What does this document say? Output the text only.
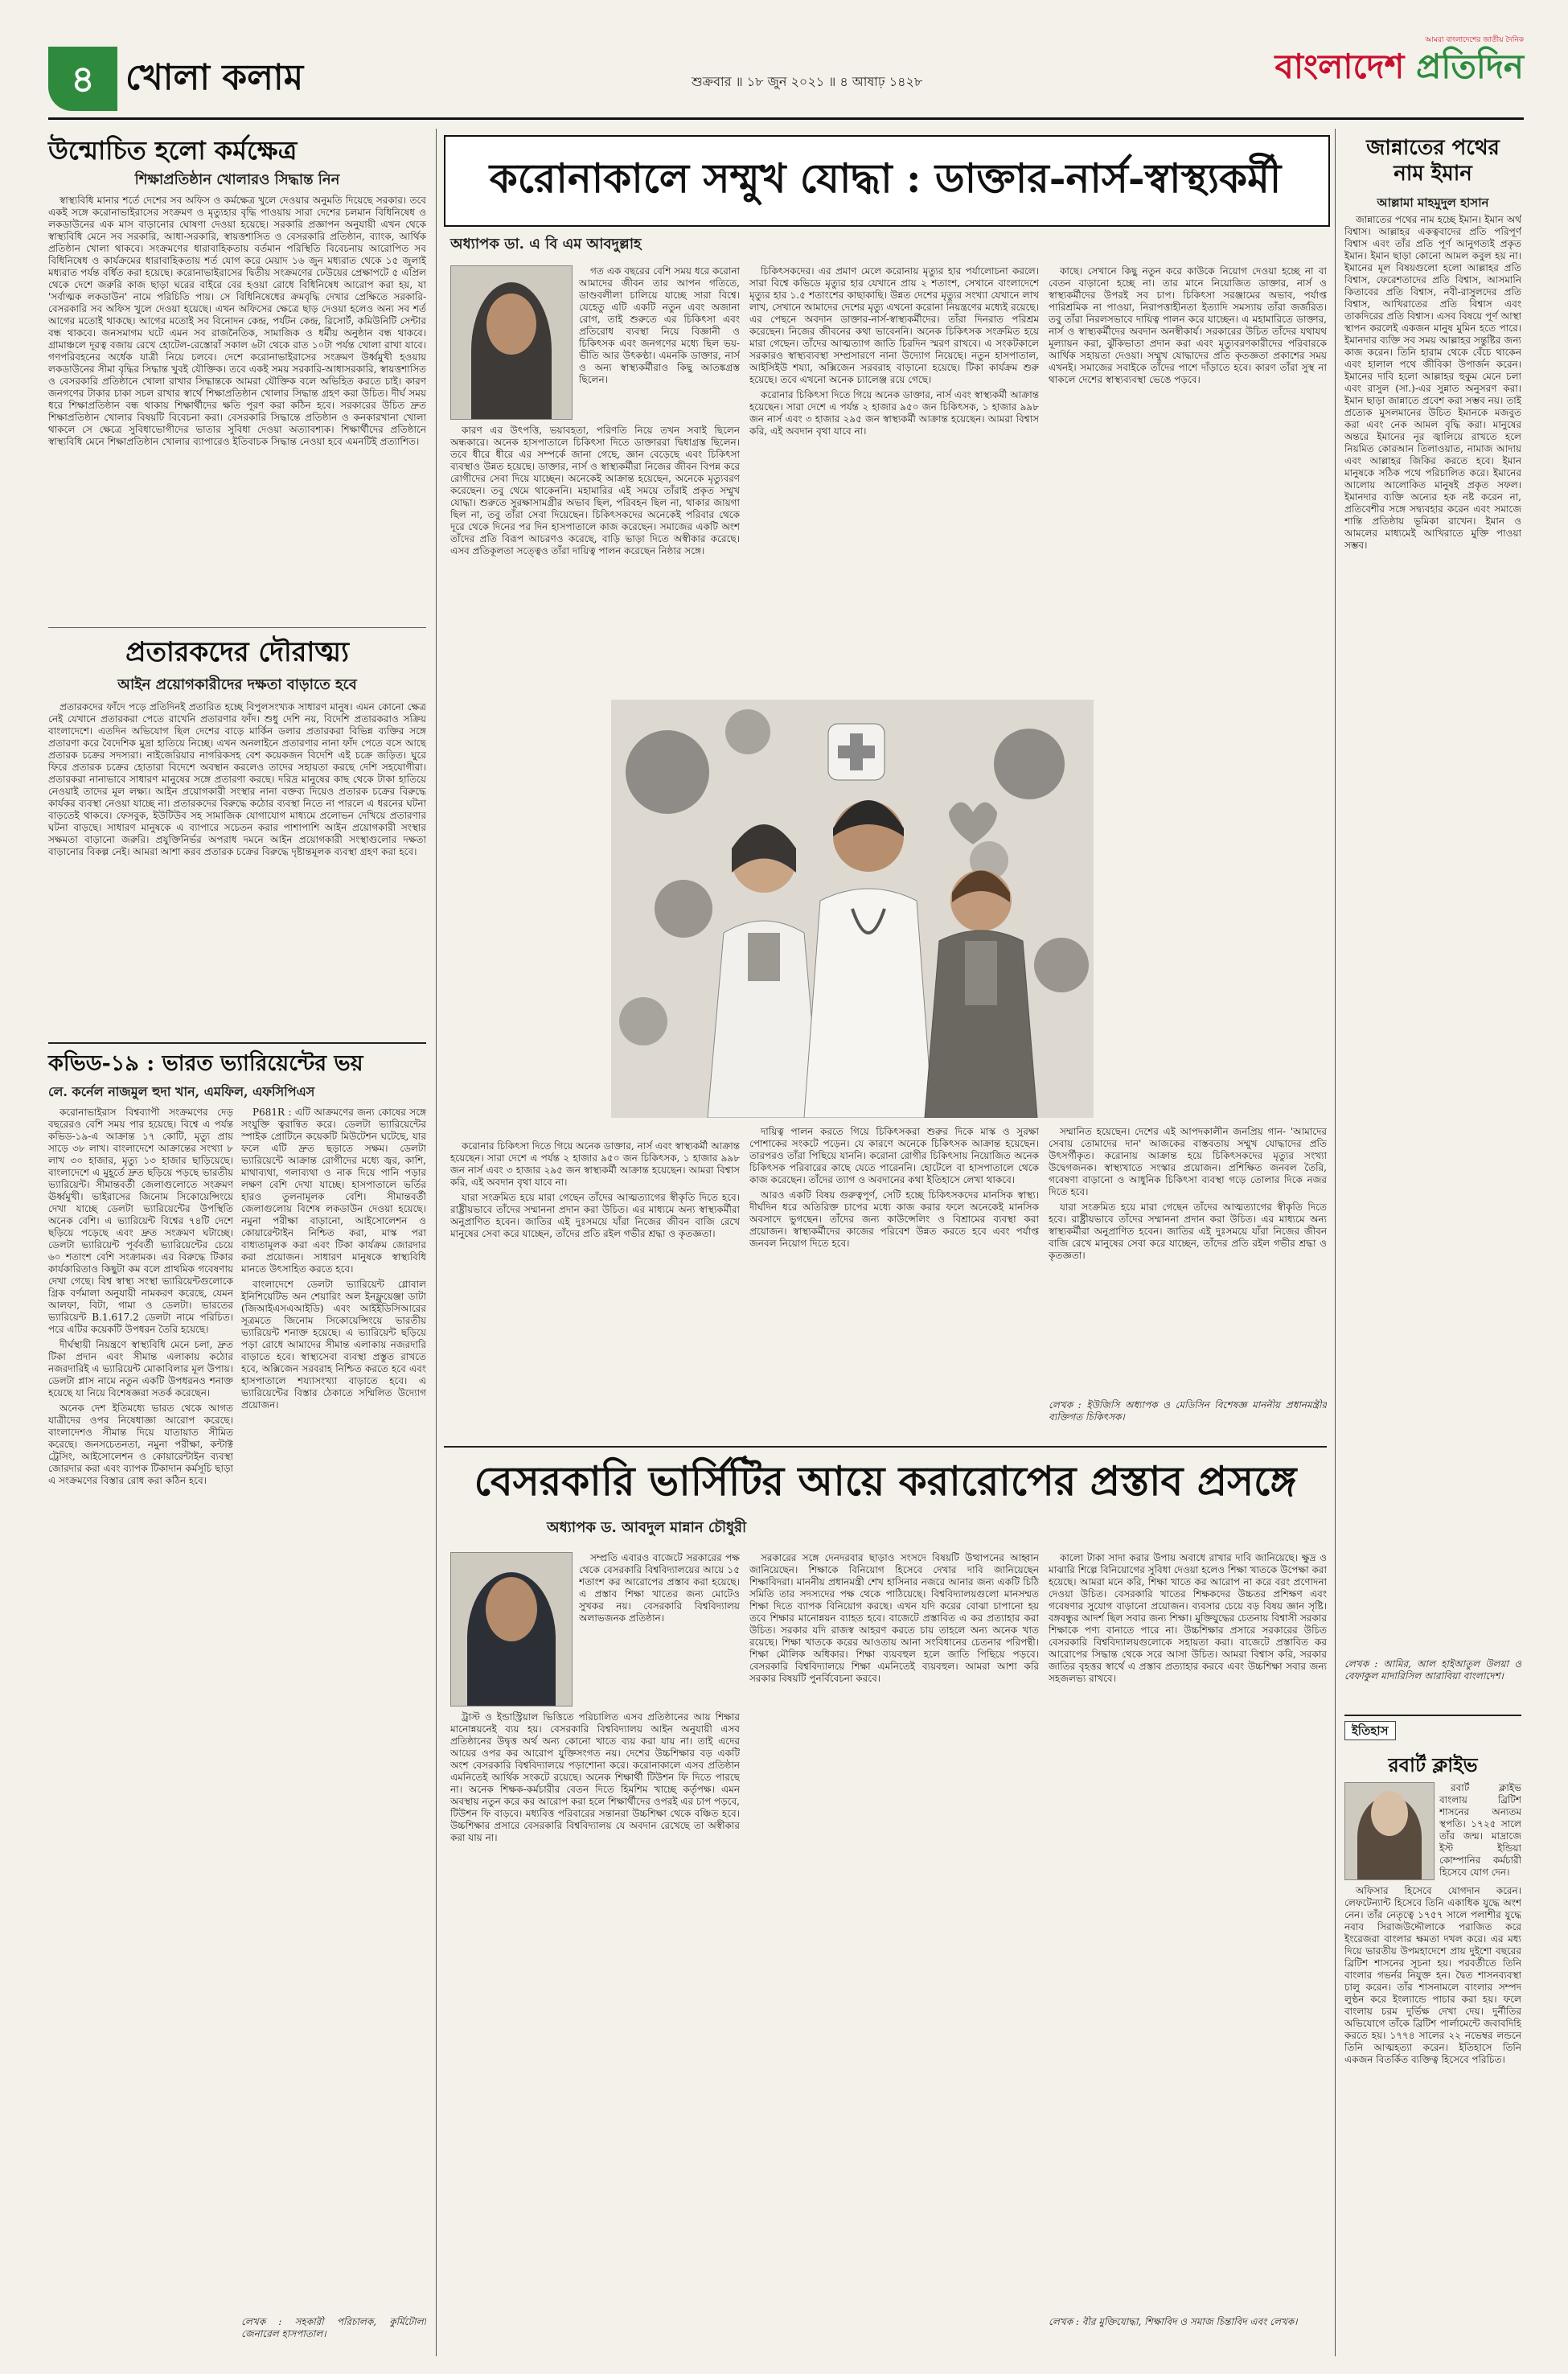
৪ খোলা কলাম	শুক্রবার ॥ ১৮ জুন ২০২১ ॥ ৪ আষাঢ় ১৪২৮
আমরা বাংলাদেশের জাতীয় দৈনিক
বাংলাদেশ প্রতিদিন
উন্মোচিত হলো কর্মক্ষেত্র
শিক্ষাপ্রতিষ্ঠান খোলারও সিদ্ধান্ত নিন

স্বাস্থ্যবিধি মানার শর্তে দেশের সব অফিস ও কর্মক্ষেত্র খুলে দেওয়ার অনুমতি দিয়েছে সরকার। তবে একই সঙ্গে করোনাভাইরাসের সংক্রমণ ও মৃত্যুহার বৃদ্ধি পাওয়ায় সারা দেশের চলমান বিধিনিষেধ ও লকডাউনের এক মাস বাড়ানোর ঘোষণা দেওয়া হয়েছে। সরকারি প্রজ্ঞাপন অনুযায়ী এখন থেকে স্বাস্থ্যবিধি মেনে সব সরকারি, আধা-সরকারি, স্বায়ত্তশাসিত ও বেসরকারি প্রতিষ্ঠান, ব্যাংক, আর্থিক প্রতিষ্ঠান খোলা থাকবে। সংক্রমণের ধারাবাহিকতায় বর্তমান পরিস্থিতি বিবেচনায় আরোপিত সব বিধিনিষেধ ও কার্যক্রমের ধারাবাহিকতায় শর্ত যোগ করে মেয়াদ ১৬ জুন মধ্যরাত থেকে ১৫ জুলাই মধ্যরাত পর্যন্ত বর্ধিত করা হয়েছে। করোনাভাইরাসের দ্বিতীয় সংক্রমণের ঢেউয়ের প্রেক্ষাপটে ৫ এপ্রিল থেকে দেশে জরুরি কাজ ছাড়া ঘরের বাইরে বের হওয়া রোধে বিধিনিষেধ আরোপ করা হয়, যা 'সর্বাত্মক লকডাউন' নামে পরিচিতি পায়। সে বিধিনিষেধের ক্রমবৃদ্ধি দেখার প্রেক্ষিতে সরকারি-বেসরকারি সব অফিস খুলে দেওয়া হয়েছে। এখন অফিসের ক্ষেত্রে ছাড় দেওয়া হলেও অন্য সব শর্ত আগের মতোই থাকছে। আগের মতোই সব বিনোদন কেন্দ্র, পর্যটন কেন্দ্র, রিসোর্ট, কমিউনিটি সেন্টার বন্ধ থাকবে। জনসমাগম ঘটে এমন সব রাজনৈতিক, সামাজিক ও ধর্মীয় অনুষ্ঠান বন্ধ থাকবে। গ্রামাঞ্চলে দূরত্ব বজায় রেখে হোটেল-রেস্তোরাঁ সকাল ৬টা থেকে রাত ১০টা পর্যন্ত খোলা রাখা যাবে। গণপরিবহনের অর্ধেক যাত্রী নিয়ে চলবে। দেশে করোনাভাইরাসের সংক্রমণ উর্ধ্বমুখী হওয়ায় লকডাউনের সীমা বৃদ্ধির সিদ্ধান্ত খুবই যৌক্তিক। তবে একই সময় সরকারি-আধাসরকারি, স্বায়ত্তশাসিত ও বেসরকারি প্রতিষ্ঠানে খোলা রাখার সিদ্ধান্তকে আমরা যৌক্তিক বলে অভিহিত করতে চাই। কারণ জনগণের টাকার চাকা সচল রাখার স্বার্থে শিক্ষাপ্রতিষ্ঠান খোলার সিদ্ধান্ত গ্রহণ করা উচিত। দীর্ঘ সময় ধরে শিক্ষাপ্রতিষ্ঠান বন্ধ থাকায় শিক্ষার্থীদের ক্ষতি পূরণ করা কঠিন হবে। সরকারের উচিত দ্রুত শিক্ষাপ্রতিষ্ঠান খোলার বিষয়টি বিবেচনা করা। বেসরকারি সিদ্ধান্তে প্রতিষ্ঠান ও কনকারখানা খোলা থাকলে সে ক্ষেত্রে সুবিধাভোগীদের ভাতার সুবিধা দেওয়া অত্যাবশ্যক। শিক্ষার্থীদের প্রতিষ্ঠানে স্বাস্থ্যবিধি মেনে শিক্ষাপ্রতিষ্ঠান খোলার ব্যাপারেও ইতিবাচক সিদ্ধান্ত নেওয়া হবে এমনটিই প্রত্যাশিত।

প্রতারকদের দৌরাত্ম্য
আইন প্রয়োগকারীদের দক্ষতা বাড়াতে হবে

প্রতারকদের ফাঁদে পড়ে প্রতিদিনই প্রতারিত হচ্ছে বিপুলসংখ্যক সাধারণ মানুষ। এমন কোনো ক্ষেত্র নেই যেখানে প্রতারকরা পেতে রাখেনি প্রতারণার ফাঁদ। শুধু দেশি নয়, বিদেশি প্রতারকরাও সক্রিয় বাংলাদেশে। এতদিন অভিযোগ ছিল দেশের বাড়ে মার্কিন ডলার প্রতারকরা বিভিন্ন ব্যক্তির সঙ্গে প্রতারণা করে বৈদেশিক মুদ্রা হাতিয়ে নিচ্ছে। এখন অনলাইনে প্রতারণার নানা ফাঁদ পেতে বসে আছে প্রতারক চক্রের সদস্যরা। নাইজেরিয়ার নাগরিকসহ বেশ কয়েকজন বিদেশি এই চক্রে জড়িত। ঘুরে ফিরে প্রতারক চক্রের হোতারা বিদেশে অবস্থান করলেও তাদের সহায়তা করছে দেশি সহযোগীরা। প্রতারকরা নানাভাবে সাধারণ মানুষের সঙ্গে প্রতারণা করছে। দরিদ্র মানুষের কাছ থেকে টাকা হাতিয়ে নেওয়াই তাদের মূল লক্ষ্য। আইন প্রয়োগকারী সংস্থার নানা বক্তব্য দিয়েও প্রতারক চক্রের বিরুদ্ধে কার্যকর ব্যবস্থা নেওয়া যাচ্ছে না। প্রতারকদের বিরুদ্ধে কঠোর ব্যবস্থা নিতে না পারলে এ ধরনের ঘটনা বাড়তেই থাকবে। ফেসবুক, ইউটিউব সহ সামাজিক যোগাযোগ মাধ্যমে প্রলোভন দেখিয়ে প্রতারণার ঘটনা বাড়ছে। সাধারণ মানুষকে এ ব্যাপারে সচেতন করার পাশাপাশি আইন প্রয়োগকারী সংস্থার সক্ষমতা বাড়ানো জরুরি। প্রযুক্তিনির্ভর অপরাধ দমনে আইন প্রয়োগকারী সংস্থাগুলোর দক্ষতা বাড়ানোর বিকল্প নেই। আমরা আশা করব প্রতারক চক্রের বিরুদ্ধে দৃষ্টান্তমূলক ব্যবস্থা গ্রহণ করা হবে।

কভিড-১৯ : ভারত ভ্যারিয়েন্টের ভয়
লে. কর্নেল নাজমুল হুদা খান, এমফিল, এফসিপিএস

করোনাভাইরাস বিশ্বব্যাপী সংক্রমণের দেড় বছরেরও বেশি সময় পার হয়েছে। বিশ্বে এ পর্যন্ত কভিড-১৯-এ আক্রান্ত ১৭ কোটি, মৃত্যু প্রায় সাড়ে ৩৮ লাখ। বাংলাদেশে আক্রান্তের সংখ্যা ৮ লাখ ৩০ হাজার, মৃত্যু ১৩ হাজার ছাড়িয়েছে। বাংলাদেশে এ মুহূর্তে দ্রুত ছড়িয়ে পড়ছে ভারতীয় ভ্যারিয়েন্ট। সীমান্তবর্তী জেলাগুলোতে সংক্রমণ ঊর্ধ্বমুখী। ভাইরাসের জিনোম সিকোয়েন্সিংয়ে দেখা যাচ্ছে ডেলটা ভ্যারিয়েন্টের উপস্থিতি অনেক বেশি। এ ভ্যারিয়েন্ট বিশ্বের ৭৪টি দেশে ছড়িয়ে পড়েছে এবং দ্রুত সংক্রমণ ঘটাচ্ছে। ডেলটা ভ্যারিয়েন্ট পূর্ববর্তী ভ্যারিয়েন্টের চেয়ে ৬০ শতাংশ বেশি সংক্রামক। এর বিরুদ্ধে টিকার কার্যকারিতাও কিছুটা কম বলে প্রাথমিক গবেষণায় দেখা গেছে। বিশ্ব স্বাস্থ্য সংস্থা ভ্যারিয়েন্টগুলোকে গ্রিক বর্ণমালা অনুযায়ী নামকরণ করেছে, যেমন আলফা, বিটা, গামা ও ডেলটা। ভারতের ভ্যারিয়েন্ট B.1.617.2 ডেলটা নামে পরিচিত। পরে এটির কয়েকটি উপধরন তৈরি হয়েছে।

দীর্ঘস্থায়ী নিয়ন্ত্রণে স্বাস্থ্যবিধি মেনে চলা, দ্রুত টিকা প্রদান এবং সীমান্ত এলাকায় কঠোর নজরদারিই এ ভ্যারিয়েন্ট মোকাবিলার মূল উপায়। ডেলটা প্লাস নামে নতুন একটি উপধরনও শনাক্ত হয়েছে যা নিয়ে বিশেষজ্ঞরা সতর্ক করেছেন।

অনেক দেশ ইতিমধ্যে ভারত থেকে আগত যাত্রীদের ওপর নিষেধাজ্ঞা আরোপ করেছে। বাংলাদেশও সীমান্ত দিয়ে যাতায়াত সীমিত করেছে। জনসচেতনতা, নমুনা পরীক্ষা, কন্টাক্ট ট্রেসিং, আইসোলেশন ও কোয়ারেন্টাইন ব্যবস্থা জোরদার করা এবং ব্যাপক টিকাদান কর্মসূচি ছাড়া এ সংক্রমণের বিস্তার রোধ করা কঠিন হবে।

P681R : এটি আক্রমণের জন্য কোষের সঙ্গে সংযুক্তি ত্বরান্বিত করে। ডেলটা ভ্যারিয়েন্টের স্পাইক প্রোটিনে কয়েকটি মিউটেশন ঘটেছে, যার ফলে এটি দ্রুত ছড়াতে সক্ষম। ডেলটা ভ্যারিয়েন্টে আক্রান্ত রোগীদের মধ্যে জ্বর, কাশি, মাথাব্যথা, গলাব্যথা ও নাক দিয়ে পানি পড়ার লক্ষণ বেশি দেখা যাচ্ছে। হাসপাতালে ভর্তির হারও তুলনামূলক বেশি। সীমান্তবর্তী জেলাগুলোয় বিশেষ লকডাউন দেওয়া হয়েছে। নমুনা পরীক্ষা বাড়ানো, আইসোলেশন ও কোয়ারেন্টাইন নিশ্চিত করা, মাস্ক পরা বাধ্যতামূলক করা এবং টিকা কার্যক্রম জোরদার করা প্রয়োজন। সাধারণ মানুষকে স্বাস্থ্যবিধি মানতে উৎসাহিত করতে হবে।

বাংলাদেশে ডেলটা ভ্যারিয়েন্ট গ্লোবাল ইনিশিয়েটিভ অন শেয়ারিং অল ইনফ্লুয়েঞ্জা ডাটা (জিআইএসএআইডি) এবং আইইডিসিআরের সূত্রমতে জিনোম সিকোয়েন্সিংয়ে ভারতীয় ভ্যারিয়েন্ট শনাক্ত হয়েছে। এ ভ্যারিয়েন্ট ছড়িয়ে পড়া রোধে আমাদের সীমান্ত এলাকায় নজরদারি বাড়াতে হবে। স্বাস্থ্যসেবা ব্যবস্থা প্রস্তুত রাখতে হবে, অক্সিজেন সরবরাহ নিশ্চিত করতে হবে এবং হাসপাতালে শয্যাসংখ্যা বাড়াতে হবে। এ ভ্যারিয়েন্টের বিস্তার ঠেকাতে সম্মিলিত উদ্যোগ প্রয়োজন।

লেখক : সহকারী পরিচালক, কুর্মিটোলা জেনারেল হাসপাতাল।
করোনাকালে সম্মুখ যোদ্ধা : ডাক্তার-নার্স-স্বাস্থ্যকর্মী
অধ্যাপক ডা. এ বি এম আবদুল্লাহ

গত এক বছরের বেশি সময় ধরে করোনা আমাদের জীবন তার আপন গতিতে, ডাণ্ডবলীলা চালিয়ে যাচ্ছে সারা বিশ্বে। যেহেতু এটি একটি নতুন এবং অজানা রোগ, তাই শুরুতে এর চিকিৎসা এবং প্রতিরোধ ব্যবস্থা নিয়ে বিজ্ঞানী ও চিকিৎসক এবং জনগণের মধ্যে ছিল ভয়-ভীতি আর উৎকণ্ঠা। এমনকি ডাক্তার, নার্স ও অন্য স্বাস্থ্যকর্মীরাও কিছু আতঙ্কগ্রস্ত ছিলেন।

কারণ এর উৎপত্তি, ভয়াবহতা, পরিণতি নিয়ে তখন সবাই ছিলেন অন্ধকারে। অনেক হাসপাতালে চিকিৎসা দিতে ডাক্তাররা দ্বিধাগ্রস্ত ছিলেন। তবে ধীরে ধীরে এর সম্পর্কে জানা গেছে, জ্ঞান বেড়েছে এবং চিকিৎসা ব্যবস্থাও উন্নত হয়েছে। ডাক্তার, নার্স ও স্বাস্থ্যকর্মীরা নিজের জীবন বিপন্ন করে রোগীদের সেবা দিয়ে যাচ্ছেন। অনেকেই আক্রান্ত হয়েছেন, অনেকে মৃত্যুবরণ করেছেন। তবু থেমে থাকেননি। মহামারির এই সময়ে তাঁরাই প্রকৃত সম্মুখ যোদ্ধা। শুরুতে সুরক্ষাসামগ্রীর অভাব ছিল, পরিবহন ছিল না, থাকার জায়গা ছিল না, তবু তাঁরা সেবা দিয়েছেন। চিকিৎসকদের অনেকেই পরিবার থেকে দূরে থেকে দিনের পর দিন হাসপাতালে কাজ করেছেন। সমাজের একটি অংশ তাঁদের প্রতি বিরূপ আচরণও করেছে, বাড়ি ভাড়া দিতে অস্বীকার করেছে। এসব প্রতিকূলতা সত্ত্বেও তাঁরা দায়িত্ব পালন করেছেন নিষ্ঠার সঙ্গে।

চিকিৎসকদের। এর প্রমাণ মেলে করোনায় মৃত্যুর হার পর্যালোচনা করলে। সারা বিশ্বে কভিডে মৃত্যুর হার যেখানে প্রায় ২ শতাংশ, সেখানে বাংলাদেশে মৃত্যুর হার ১.৫ শতাংশের কাছাকাছি। উন্নত দেশের মৃত্যুর সংখ্যা যেখানে লাখ লাখ, সেখানে আমাদের দেশের মৃত্যু এখনো করোনা নিয়ন্ত্রণের মধ্যেই রয়েছে। এর পেছনে অবদান ডাক্তার-নার্স-স্বাস্থ্যকর্মীদের। তাঁরা দিনরাত পরিশ্রম করেছেন। নিজের জীবনের কথা ভাবেননি। অনেক চিকিৎসক সংক্রমিত হয়ে মারা গেছেন। তাঁদের আত্মত্যাগ জাতি চিরদিন স্মরণ রাখবে। এ সংকটকালে সরকারও স্বাস্থ্যব্যবস্থা সম্প্রসারণে নানা উদ্যোগ নিয়েছে। নতুন হাসপাতাল, আইসিইউ শয্যা, অক্সিজেন সরবরাহ বাড়ানো হয়েছে। টিকা কার্যক্রম শুরু হয়েছে। তবে এখনো অনেক চ্যালেঞ্জ রয়ে গেছে।

করোনার চিকিৎসা দিতে গিয়ে অনেক ডাক্তার, নার্স এবং স্বাস্থ্যকর্মী আক্রান্ত হয়েছেন। সারা দেশে এ পর্যন্ত ২ হাজার ৯৫০ জন চিকিৎসক, ১ হাজার ৯৯৮ জন নার্স এবং ৩ হাজার ২৯৫ জন স্বাস্থ্যকর্মী আক্রান্ত হয়েছেন। আমরা বিশ্বাস করি, এই অবদান বৃথা যাবে না।

কাছে। সেখানে কিছু নতুন করে কাউকে নিয়োগ দেওয়া হচ্ছে না বা বেতন বাড়ানো হচ্ছে না। তার মানে নিয়োজিত ডাক্তার, নার্স ও স্বাস্থ্যকর্মীদের উপরই সব চাপ। চিকিৎসা সরঞ্জামের অভাব, পর্যাপ্ত পারিশ্রমিক না পাওয়া, নিরাপত্তাহীনতা ইত্যাদি সমস্যায় তাঁরা জর্জরিত। তবু তাঁরা নিরলসভাবে দায়িত্ব পালন করে যাচ্ছেন। এ মহামারিতে ডাক্তার, নার্স ও স্বাস্থ্যকর্মীদের অবদান অনস্বীকার্য। সরকারের উচিত তাঁদের যথাযথ মূল্যায়ন করা, ঝুঁকিভাতা প্রদান করা এবং মৃত্যুবরণকারীদের পরিবারকে আর্থিক সহায়তা দেওয়া। সম্মুখ যোদ্ধাদের প্রতি কৃতজ্ঞতা প্রকাশের সময় এখনই। সমাজের সবাইকে তাঁদের পাশে দাঁড়াতে হবে। কারণ তাঁরা সুস্থ না থাকলে দেশের স্বাস্থ্যব্যবস্থা ভেঙে পড়বে।

দায়িত্ব পালন করতে গিয়ে চিকিৎসকরা শুরুর দিকে মাস্ক ও সুরক্ষা পোশাকের সংকটে পড়েন। যে কারণে অনেকে চিকিৎসক আক্রান্ত হয়েছেন। তারপরও তাঁরা পিছিয়ে যাননি। করোনা রোগীর চিকিৎসায় নিয়োজিত অনেক চিকিৎসক পরিবারের কাছে যেতে পারেননি। হোটেলে বা হাসপাতালে থেকে কাজ করেছেন। তাঁদের ত্যাগ ও অবদানের কথা ইতিহাসে লেখা থাকবে।

আরও একটি বিষয় গুরুত্বপূর্ণ, সেটি হচ্ছে চিকিৎসকদের মানসিক স্বাস্থ্য। দীর্ঘদিন ধরে অতিরিক্ত চাপের মধ্যে কাজ করার ফলে অনেকেই মানসিক অবসাদে ভুগছেন। তাঁদের জন্য কাউন্সেলিং ও বিশ্রামের ব্যবস্থা করা প্রয়োজন। স্বাস্থ্যকর্মীদের কাজের পরিবেশ উন্নত করতে হবে এবং পর্যাপ্ত জনবল নিয়োগ দিতে হবে।

সম্মানিত হয়েছেন। দেশের এই আপদকালীন জনপ্রিয় গান- 'আমাদের সেবায় তোমাদের দান' আজকের বাস্তবতায় সম্মুখ যোদ্ধাদের প্রতি উৎসর্গীকৃত। করোনায় আক্রান্ত হয়ে চিকিৎসকদের মৃত্যুর সংখ্যা উদ্বেগজনক। স্বাস্থ্যখাতে সংস্কার প্রয়োজন। প্রশিক্ষিত জনবল তৈরি, গবেষণা বাড়ানো ও আধুনিক চিকিৎসা ব্যবস্থা গড়ে তোলার দিকে নজর দিতে হবে।

যারা সংক্রমিত হয়ে মারা গেছেন তাঁদের আত্মত্যাগের স্বীকৃতি দিতে হবে। রাষ্ট্রীয়ভাবে তাঁদের সম্মাননা প্রদান করা উচিত। এর মাধ্যমে অন্য স্বাস্থ্যকর্মীরা অনুপ্রাণিত হবেন। জাতির এই দুঃসময়ে যাঁরা নিজের জীবন বাজি রেখে মানুষের সেবা করে যাচ্ছেন, তাঁদের প্রতি রইল গভীর শ্রদ্ধা ও কৃতজ্ঞতা।

করোনার চিকিৎসা দিতে গিয়ে অনেক ডাক্তার, নার্স এবং স্বাস্থ্যকর্মী আক্রান্ত হয়েছেন। সারা দেশে এ পর্যন্ত ২ হাজার ৯৫০ জন চিকিৎসক, ১ হাজার ৯৯৮ জন নার্স এবং ৩ হাজার ২৯৫ জন স্বাস্থ্যকর্মী আক্রান্ত হয়েছেন। আমরা বিশ্বাস করি, এই অবদান বৃথা যাবে না।

যারা সংক্রমিত হয়ে মারা গেছেন তাঁদের আত্মত্যাগের স্বীকৃতি দিতে হবে। রাষ্ট্রীয়ভাবে তাঁদের সম্মাননা প্রদান করা উচিত। এর মাধ্যমে অন্য স্বাস্থ্যকর্মীরা অনুপ্রাণিত হবেন। জাতির এই দুঃসময়ে যাঁরা নিজের জীবন বাজি রেখে মানুষের সেবা করে যাচ্ছেন, তাঁদের প্রতি রইল গভীর শ্রদ্ধা ও কৃতজ্ঞতা।

লেখক : ইউজিসি অধ্যাপক ও মেডিসিন বিশেষজ্ঞ মাননীয় প্রধানমন্ত্রীর ব্যক্তিগত চিকিৎসক।
বেসরকারি ভার্সিটির আয়ে করারোপের প্রস্তাব প্রসঙ্গে
অধ্যাপক ড. আবদুল মান্নান চৌধুরী

সম্প্রতি এবারও বাজেটে সরকারের পক্ষ থেকে বেসরকারি বিশ্ববিদ্যালয়ের আয়ে ১৫ শতাংশ কর আরোপের প্রস্তাব করা হয়েছে। এ প্রস্তাব শিক্ষা খাতের জন্য মোটেও সুখকর নয়। বেসরকারি বিশ্ববিদ্যালয় অলাভজনক প্রতিষ্ঠান।

ট্রাস্ট ও ইন্ডাস্ট্রিয়াল ভিত্তিতে পরিচালিত এসব প্রতিষ্ঠানের আয় শিক্ষার মানোন্নয়নেই ব্যয় হয়। বেসরকারি বিশ্ববিদ্যালয় আইন অনুযায়ী এসব প্রতিষ্ঠানের উদ্বৃত্ত অর্থ অন্য কোনো খাতে ব্যয় করা যায় না। তাই এদের আয়ের ওপর কর আরোপ যুক্তিসংগত নয়। দেশের উচ্চশিক্ষার বড় একটি অংশ বেসরকারি বিশ্ববিদ্যালয়ে পড়াশোনা করে। করোনাকালে এসব প্রতিষ্ঠান এমনিতেই আর্থিক সংকটে রয়েছে। অনেক শিক্ষার্থী টিউশন ফি দিতে পারছে না। অনেক শিক্ষক-কর্মচারীর বেতন দিতে হিমশিম খাচ্ছে কর্তৃপক্ষ। এমন অবস্থায় নতুন করে কর আরোপ করা হলে শিক্ষার্থীদের ওপরই এর চাপ পড়বে, টিউশন ফি বাড়বে। মধ্যবিত্ত পরিবারের সন্তানরা উচ্চশিক্ষা থেকে বঞ্চিত হবে। উচ্চশিক্ষার প্রসারে বেসরকারি বিশ্ববিদ্যালয় যে অবদান রেখেছে তা অস্বীকার করা যায় না।

সরকারের সঙ্গে দেনদরবার ছাড়াও সংসদে বিষয়টি উত্থাপনের আহ্বান জানিয়েছেন। শিক্ষাকে বিনিয়োগ হিসেবে দেখার দাবি জানিয়েছেন শিক্ষাবিদরা। মাননীয় প্রধানমন্ত্রী শেখ হাসিনার নজরে আনার জন্য একটি চিঠি সমিতি তার সদস্যদের পক্ষ থেকে পাঠিয়েছে। বিশ্ববিদ্যালয়গুলো মানসম্মত শিক্ষা দিতে ব্যাপক বিনিয়োগ করছে। এখন যদি করের বোঝা চাপানো হয় তবে শিক্ষার মানোন্নয়ন ব্যাহত হবে। বাজেটে প্রস্তাবিত এ কর প্রত্যাহার করা উচিত। সরকার যদি রাজস্ব আহরণ করতে চায় তাহলে অন্য অনেক খাত রয়েছে। শিক্ষা খাতকে করের আওতায় আনা সংবিধানের চেতনার পরিপন্থী। শিক্ষা মৌলিক অধিকার। শিক্ষা ব্যয়বহুল হলে জাতি পিছিয়ে পড়বে। বেসরকারি বিশ্ববিদ্যালয়ে শিক্ষা এমনিতেই ব্যয়বহুল। আমরা আশা করি সরকার বিষয়টি পুনর্বিবেচনা করবে।

কালো টাকা সাদা করার উপায় অবাধে রাখার দাবি জানিয়েছে। ক্ষুদ্র ও মাঝারি শিল্পে বিনিয়োগের সুবিধা দেওয়া হলেও শিক্ষা খাতকে উপেক্ষা করা হয়েছে। আমরা মনে করি, শিক্ষা খাতে কর আরোপ না করে বরং প্রণোদনা দেওয়া উচিত। বেসরকারি খাতের শিক্ষকদের উচ্চতর প্রশিক্ষণ এবং গবেষণার সুযোগ বাড়ানো প্রয়োজন। ব্যবসার চেয়ে বড় বিষয় জ্ঞান সৃষ্টি। বঙ্গবন্ধুর আদর্শ ছিল সবার জন্য শিক্ষা। মুক্তিযুদ্ধের চেতনায় বিশ্বাসী সরকার শিক্ষাকে পণ্য বানাতে পারে না। উচ্চশিক্ষার প্রসারে সরকারের উচিত বেসরকারি বিশ্ববিদ্যালয়গুলোকে সহায়তা করা। বাজেটে প্রস্তাবিত কর আরোপের সিদ্ধান্ত থেকে সরে আসা উচিত। আমরা বিশ্বাস করি, সরকার জাতির বৃহত্তর স্বার্থে এ প্রস্তাব প্রত্যাহার করবে এবং উচ্চশিক্ষা সবার জন্য সহজলভ্য রাখবে।

লেখক : বীর মুক্তিযোদ্ধা, শিক্ষাবিদ ও সমাজ চিন্তাবিদ এবং লেখক।
জান্নাতের পথের
নাম ইমান
আল্লামা মাহমুদুল হাসান

জান্নাতের পথের নাম হচ্ছে ইমান। ইমান অর্থ বিশ্বাস। আল্লাহর একত্ববাদের প্রতি পরিপূর্ণ বিশ্বাস এবং তাঁর প্রতি পূর্ণ আনুগত্যই প্রকৃত ইমান। ইমান ছাড়া কোনো আমল কবুল হয় না। ইমানের মূল বিষয়গুলো হলো আল্লাহর প্রতি বিশ্বাস, ফেরেশতাদের প্রতি বিশ্বাস, আসমানি কিতাবের প্রতি বিশ্বাস, নবী-রাসুলদের প্রতি বিশ্বাস, আখিরাতের প্রতি বিশ্বাস এবং তাকদিরের প্রতি বিশ্বাস। এসব বিষয়ে পূর্ণ আস্থা স্থাপন করলেই একজন মানুষ মুমিন হতে পারে। ইমানদার ব্যক্তি সব সময় আল্লাহর সন্তুষ্টির জন্য কাজ করেন। তিনি হারাম থেকে বেঁচে থাকেন এবং হালাল পথে জীবিকা উপার্জন করেন। ইমানের দাবি হলো আল্লাহর হুকুম মেনে চলা এবং রাসুল (সা.)-এর সুন্নাত অনুসরণ করা। ইমান ছাড়া জান্নাতে প্রবেশ করা সম্ভব নয়। তাই প্রত্যেক মুসলমানের উচিত ইমানকে মজবুত করা এবং নেক আমল বৃদ্ধি করা। মানুষের অন্তরে ইমানের নূর জ্বালিয়ে রাখতে হলে নিয়মিত কোরআন তিলাওয়াত, নামাজ আদায় এবং আল্লাহর জিকির করতে হবে। ইমান মানুষকে সঠিক পথে পরিচালিত করে। ইমানের আলোয় আলোকিত মানুষই প্রকৃত সফল। ইমানদার ব্যক্তি অন্যের হক নষ্ট করেন না, প্রতিবেশীর সঙ্গে সদ্ব্যবহার করেন এবং সমাজে শান্তি প্রতিষ্ঠায় ভূমিকা রাখেন। ইমান ও আমলের মাধ্যমেই আখিরাতে মুক্তি পাওয়া সম্ভব।

লেখক : আমির, আল হাইআতুল উলয়া ও বেফাকুল মাদারিসিল আরাবিয়া বাংলাদেশ।
ইতিহাস
রবার্ট ক্লাইভ

রবার্ট ক্লাইভ বাংলায় ব্রিটিশ শাসনের অন্যতম স্থপতি। ১৭২৫ সালে তাঁর জন্ম। মাদ্রাজে ইস্ট ইন্ডিয়া কোম্পানির কর্মচারী হিসেবে যোগ দেন।

অফিসার হিসেবে যোগদান করেন। লেফটেন্যান্ট হিসেবে তিনি একাধিক যুদ্ধে অংশ নেন। তাঁর নেতৃত্বে ১৭৫৭ সালে পলাশীর যুদ্ধে নবাব সিরাজউদ্দৌলাকে পরাজিত করে ইংরেজরা বাংলার ক্ষমতা দখল করে। এর মধ্য দিয়ে ভারতীয় উপমহাদেশে প্রায় দুইশো বছরের ব্রিটিশ শাসনের সূচনা হয়। পরবর্তীতে তিনি বাংলার গভর্নর নিযুক্ত হন। দ্বৈত শাসনব্যবস্থা চালু করেন। তাঁর শাসনামলে বাংলার সম্পদ লুণ্ঠন করে ইংল্যান্ডে পাচার করা হয়। ফলে বাংলায় চরম দুর্ভিক্ষ দেখা দেয়। দুর্নীতির অভিযোগে তাঁকে ব্রিটিশ পার্লামেন্টে জবাবদিহি করতে হয়। ১৭৭৪ সালের ২২ নভেম্বর লন্ডনে তিনি আত্মহত্যা করেন। ইতিহাসে তিনি একজন বিতর্কিত ব্যক্তিত্ব হিসেবে পরিচিত।
